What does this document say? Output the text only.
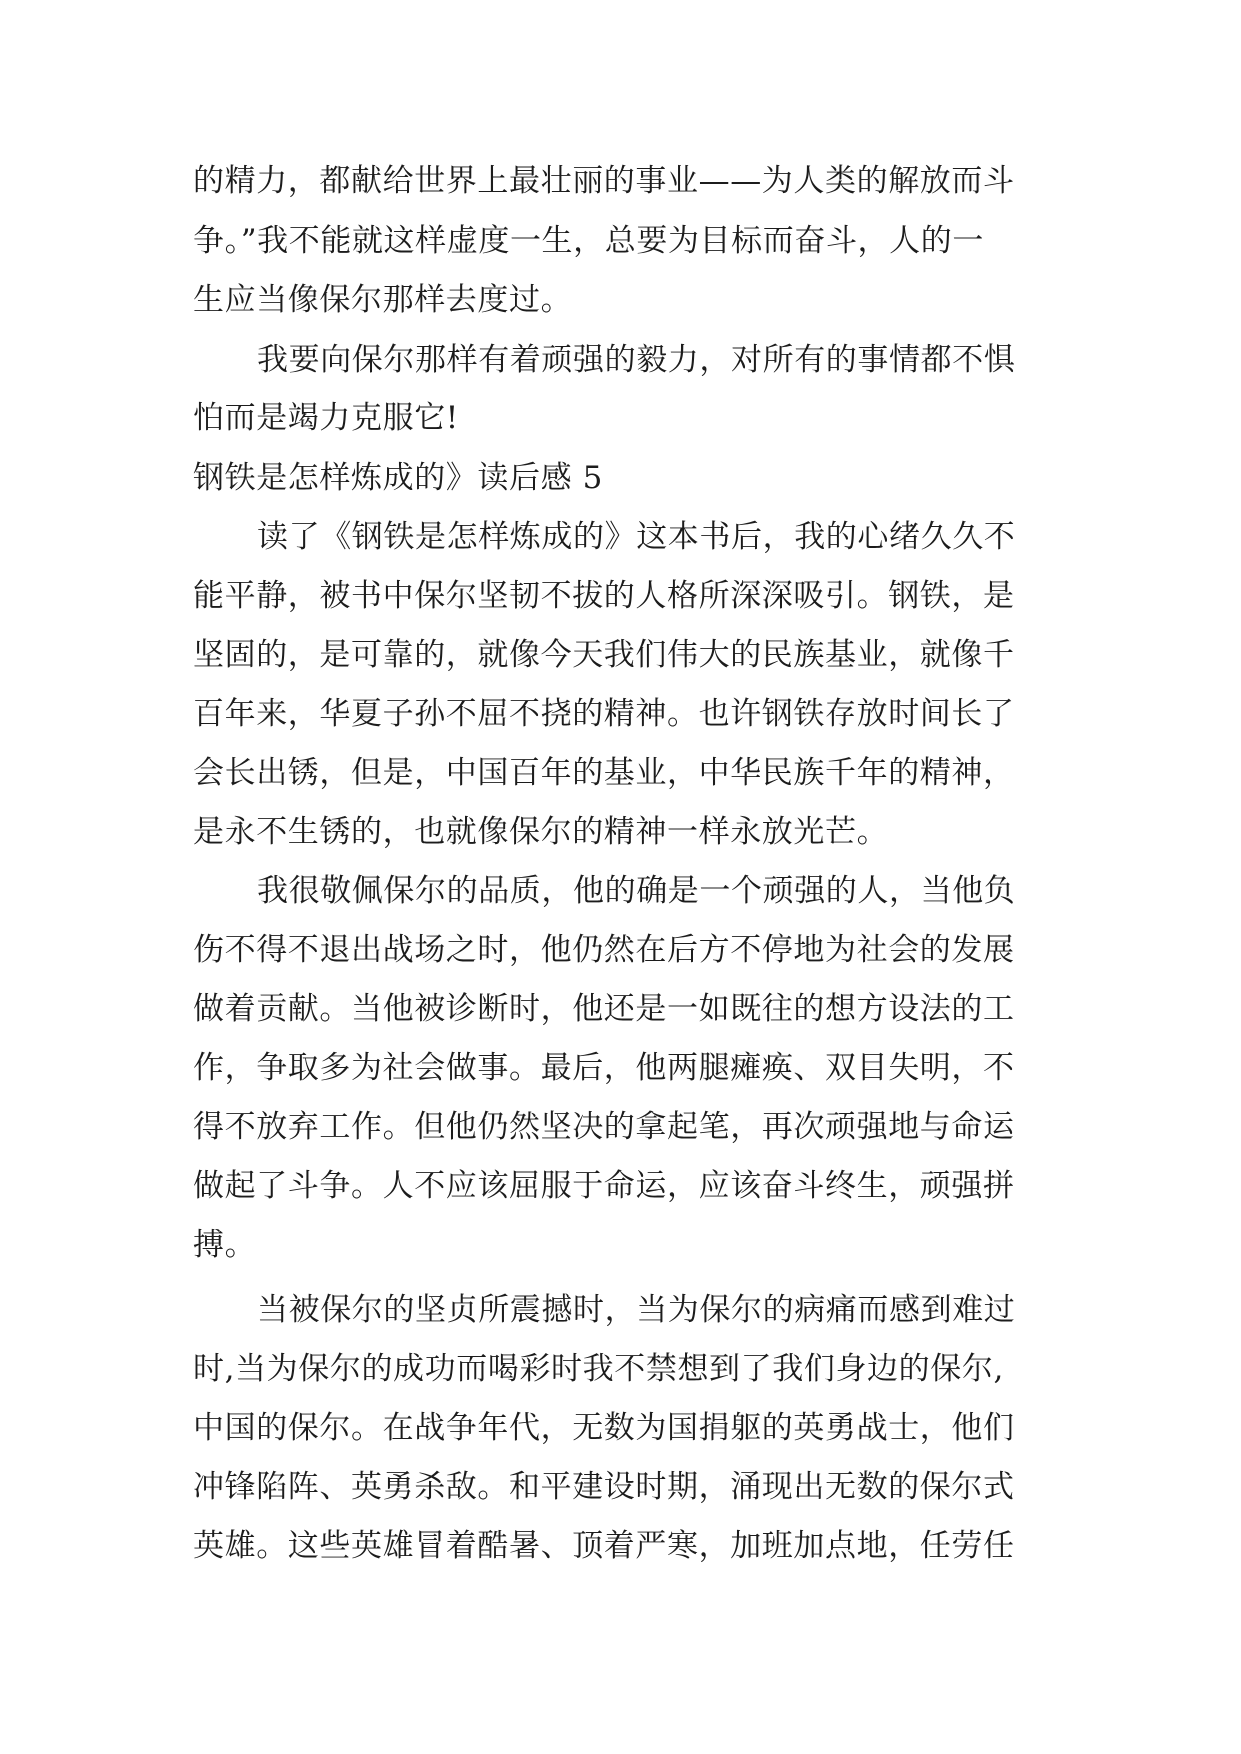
的精力，都献给世界上最壮丽的事业——为人类的解放而斗

争。”我不能就这样虚度一生，总要为目标而奋斗，人的一

生应当像保尔那样去度过。

我要向保尔那样有着顽强的毅力，对所有的事情都不惧

怕而是竭力克服它!

钢铁是怎样炼成的》读后感 5

读了《钢铁是怎样炼成的》这本书后，我的心绪久久不

能平静，被书中保尔坚韧不拔的人格所深深吸引。钢铁，是

坚固的，是可靠的，就像今天我们伟大的民族基业，就像千

百年来，华夏子孙不屈不挠的精神。也许钢铁存放时间长了

会长出锈，但是，中国百年的基业，中华民族千年的精神，

是永不生锈的，也就像保尔的精神一样永放光芒。

我很敬佩保尔的品质，他的确是一个顽强的人，当他负

伤不得不退出战场之时，他仍然在后方不停地为社会的发展

做着贡献。当他被诊断时，他还是一如既往的想方设法的工

作，争取多为社会做事。最后，他两腿瘫痪、双目失明，不

得不放弃工作。但他仍然坚决的拿起笔，再次顽强地与命运

做起了斗争。人不应该屈服于命运，应该奋斗终生，顽强拼

搏。

当被保尔的坚贞所震撼时，当为保尔的病痛而感到难过

时,当为保尔的成功而喝彩时我不禁想到了我们身边的保尔,

中国的保尔。在战争年代，无数为国捐躯的英勇战士，他们

冲锋陷阵、英勇杀敌。和平建设时期，涌现出无数的保尔式

英雄。这些英雄冒着酷暑、顶着严寒，加班加点地，任劳任
